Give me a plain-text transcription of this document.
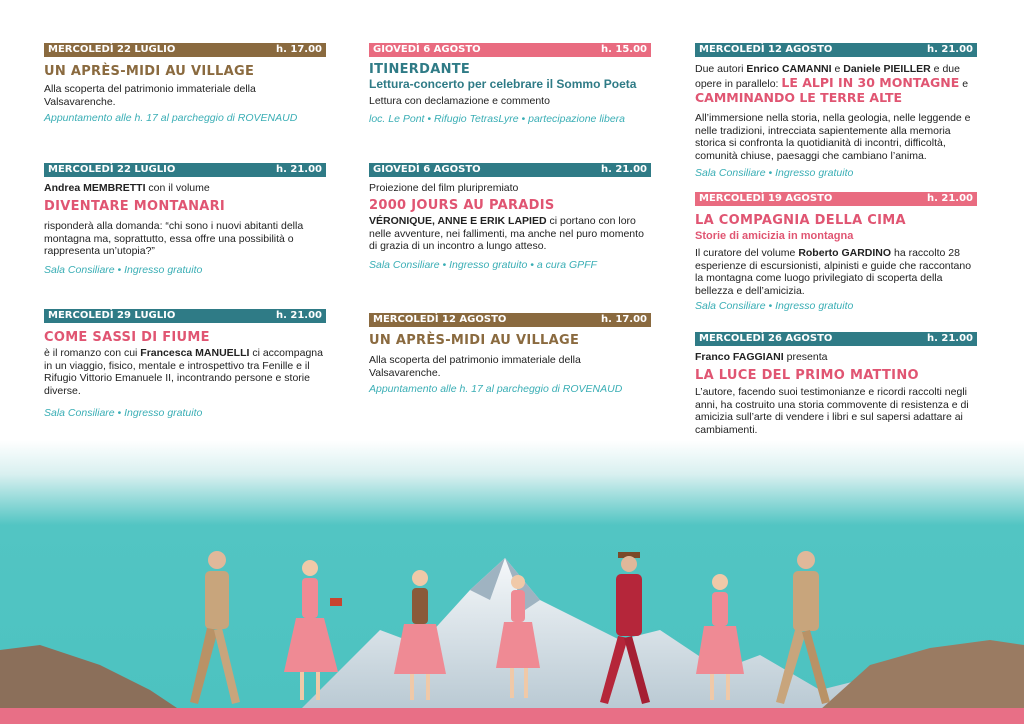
MERCOLEDÌ 22 LUGLIO	h. 17.00
UN APRÈS-MIDI AU VILLAGE
Alla scoperta del patrimonio immateriale della Valsavarenche.
Appuntamento alle h. 17 al parcheggio di ROVENAUD
MERCOLEDÌ 22 LUGLIO	h. 21.00
Andrea MEMBRETTI con il volume
DIVENTARE MONTANARI
risponderà alla domanda: “chi sono i nuovi abitanti della montagna ma, soprattutto, essa offre una possibilità o rappresenta un’utopia?”
Sala Consiliare • Ingresso gratuito
MERCOLEDÌ 29 LUGLIO	h. 21.00
COME SASSI DI FIUME
è il romanzo con cui Francesca MANUELLI ci accompagna in un viaggio, fisico, mentale e introspettivo tra Fenille e il Rifugio Vittorio Emanuele II, incontrando persone e storie diverse.
Sala Consiliare • Ingresso gratuito
GIOVEDÌ 6 AGOSTO	h. 15.00
ITINERDANTE
Lettura-concerto per celebrare il Sommo Poeta
Lettura con declamazione e commento
loc. Le Pont • Rifugio TetrasLyre • partecipazione libera
GIOVEDÌ 6 AGOSTO	h. 21.00
Proiezione del film pluripremiato
2000 JOURS AU PARADIS
VÉRONIQUE, ANNE E ERIK LAPIED ci portano con loro nelle avventure, nei fallimenti, ma anche nel puro momento di grazia di un incontro a lungo atteso.
Sala Consiliare • Ingresso gratuito • a cura GPFF
MERCOLEDÌ 12 AGOSTO	h. 17.00
UN APRÈS-MIDI AU VILLAGE
Alla scoperta del patrimonio immateriale della Valsavarenche.
Appuntamento alle h. 17 al parcheggio di ROVENAUD
MERCOLEDÌ 12 AGOSTO	h. 21.00
Due autori Enrico CAMANNI e Daniele PIEILLER e due opere in parallelo: LE ALPI IN 30 MONTAGNE e
CAMMINANDO LE TERRE ALTE
All’immersione nella storia, nella geologia, nelle leggende e nelle tradizioni, intrecciata sapientemente alla memoria storica si confronta la quotidianità di incontri, difficoltà, comunità chiuse, paesaggi che cambiano l’anima.
Sala Consiliare • Ingresso gratuito
MERCOLEDÌ 19 AGOSTO	h. 21.00
LA COMPAGNIA DELLA CIMA
Storie di amicizia in montagna
Il curatore del volume Roberto GARDINO ha raccolto 28 esperienze di escursionisti, alpinisti e guide che raccontano la montagna come luogo privilegiato di scoperta della bellezza e dell’amicizia.
Sala Consiliare • Ingresso gratuito
MERCOLEDÌ 26 AGOSTO	h. 21.00
Franco FAGGIANI presenta
LA LUCE DEL PRIMO MATTINO
L’autore, facendo suoi testimonianze e ricordi raccolti negli anni, ha costruito una storia commovente di resistenza e di amicizia sull’arte di vendere i libri e sul sapersi adattare ai cambiamenti.
